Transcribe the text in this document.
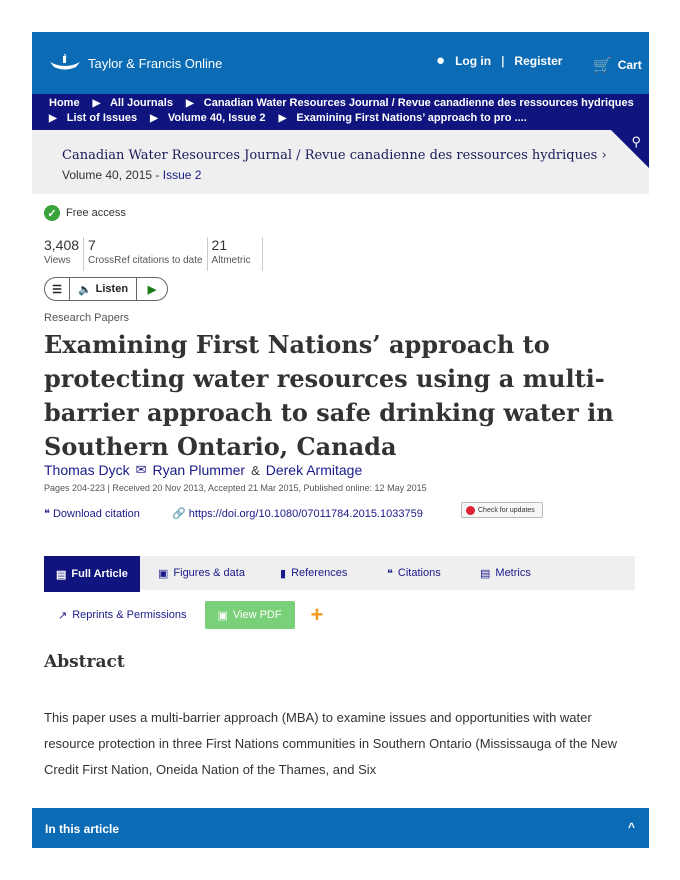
Taylor & Francis Online	● Log in | Register 🛒 Cart
Home ▶ All Journals ▶ Canadian Water Resources Journal / Revue canadienne des ressources hydriques
▶ List of Issues ▶ Volume 40, Issue 2 ▶ Examining First Nations’ approach to pro ....
Canadian Water Resources Journal / Revue canadienne des ressources hydriques ›
Volume 40, 2015 - Issue 2
⚲
✓ Free access
3,408
Views
7
CrossRef citations to date
21
Altmetric
☰	🔈 Listen	▶
Research Papers
Examining First Nations’ approach to protecting water resources using a multi-barrier approach to safe drinking water in Southern Ontario, Canada
Thomas Dyck ✉ Ryan Plummer & Derek Armitage
Pages 204-223 | Received 20 Nov 2013, Accepted 21 Mar 2015, Published online: 12 May 2015
❝ Download citation	🔗 https://doi.org/10.1080/07011784.2015.1033759	Check for updates
▤ Full Article	▣ Figures & data	▮ References	❝ Citations	▤ Metrics
↗ Reprints & Permissions	▣ View PDF +
Abstract

This paper uses a multi-barrier approach (MBA) to examine issues and opportunities with water resource protection in three First Nations communities in Southern Ontario (Mississauga of the New Credit First Nation, Oneida Nation of the Thames, and Six

In this article	^
